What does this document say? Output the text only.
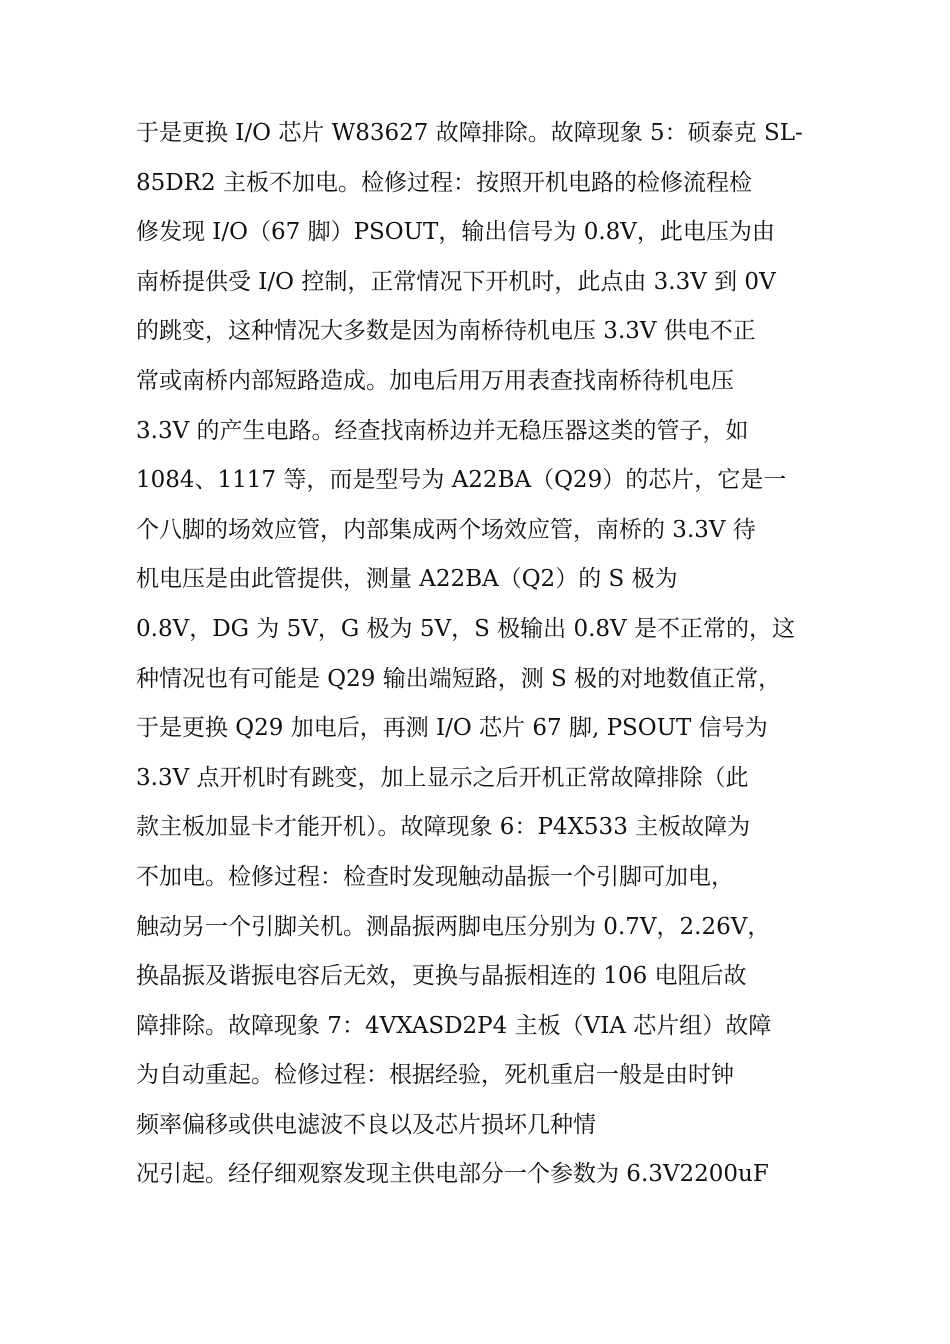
于是更换 I/O 芯片 W83627 故障排除。故障现象 5：硕泰克 SL-
85DR2 主板不加电。检修过程：按照开机电路的检修流程检
修发现 I/O（67 脚）PSOUT，输出信号为 0.8V，此电压为由
南桥提供受 I/O 控制，正常情况下开机时，此点由 3.3V 到 0V
的跳变，这种情况大多数是因为南桥待机电压 3.3V 供电不正
常或南桥内部短路造成。加电后用万用表查找南桥待机电压
3.3V 的产生电路。经查找南桥边并无稳压器这类的管子，如
1084、1117 等，而是型号为 A22BA（Q29）的芯片，它是一
个八脚的场效应管，内部集成两个场效应管，南桥的 3.3V 待
机电压是由此管提供，测量 A22BA（Q2）的 S 极为
0.8V，DG 为 5V，G 极为 5V，S 极输出 0.8V 是不正常的，这
种情况也有可能是 Q29 输出端短路，测 S 极的对地数值正常，
于是更换 Q29 加电后，再测 I/O 芯片 67 脚, PSOUT 信号为
3.3V 点开机时有跳变，加上显示之后开机正常故障排除（此
款主板加显卡才能开机）。故障现象 6：P4X533 主板故障为
不加电。检修过程：检查时发现触动晶振一个引脚可加电，
触动另一个引脚关机。测晶振两脚电压分别为 0.7V，2.26V，
换晶振及谐振电容后无效，更换与晶振相连的 106 电阻后故
障排除。故障现象 7：4VXASD2P4 主板（VIA 芯片组）故障
为自动重起。检修过程：根据经验，死机重启一般是由时钟
频率偏移或供电滤波不良以及芯片损坏几种情
况引起。经仔细观察发现主供电部分一个参数为 6.3V2200uF
